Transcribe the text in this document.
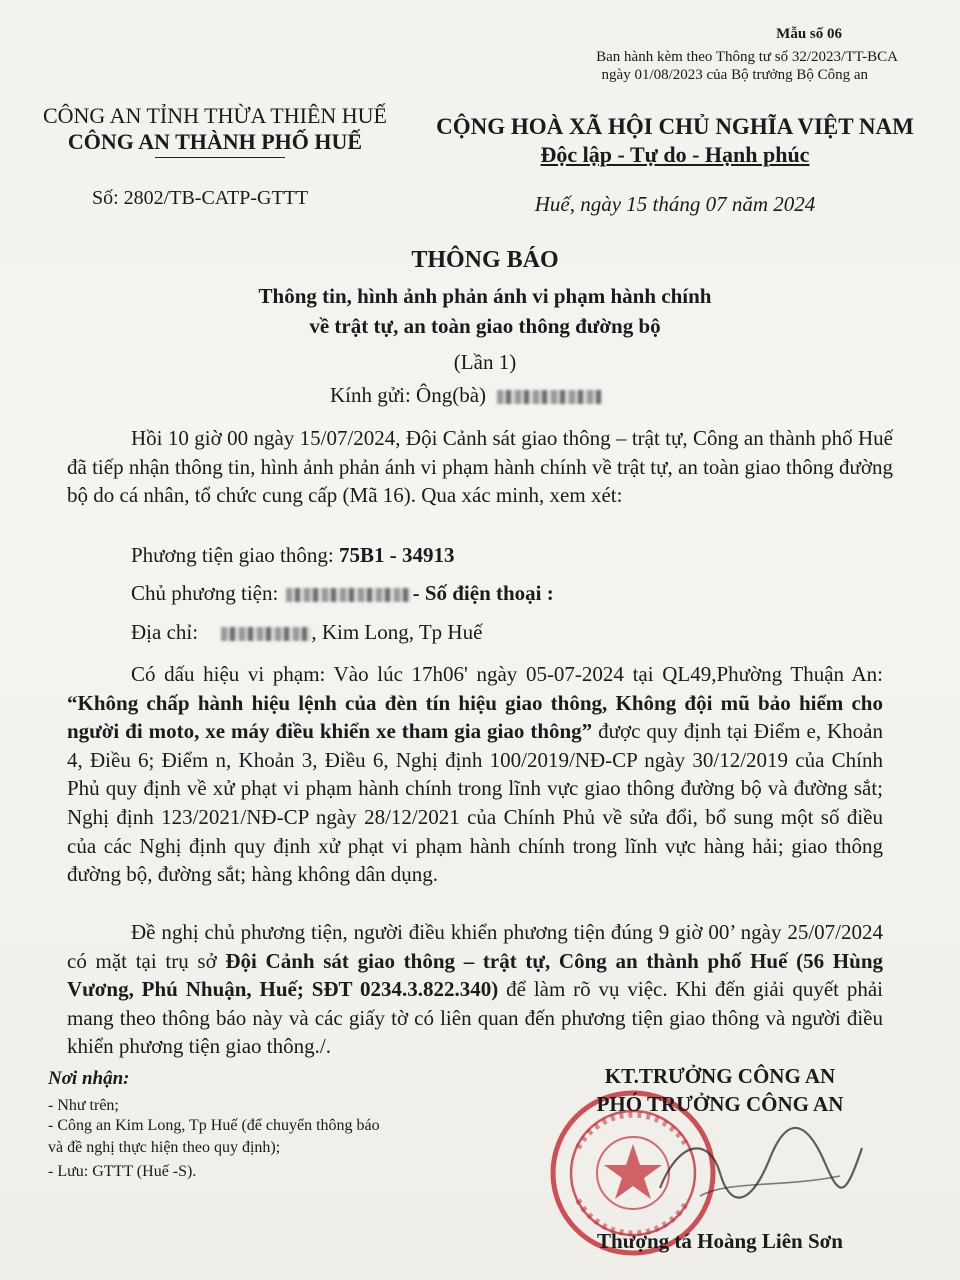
Mẫu số 06
Ban hành kèm theo Thông tư số 32/2023/TT-BCA
ngày 01/08/2023 của Bộ trưởng Bộ Công an
CÔNG AN TỈNH THỪA THIÊN HUẾ
CÔNG AN THÀNH PHỐ HUẾ
Số: 2802/TB-CATP-GTTT
CỘNG HOÀ XÃ HỘI CHỦ NGHĨA VIỆT NAM
Độc lập - Tự do - Hạnh phúc
Huế, ngày 15 tháng 07 năm 2024
THÔNG BÁO
Thông tin, hình ảnh phản ánh vi phạm hành chính
về trật tự, an toàn giao thông đường bộ
(Lần 1)
Kính gửi: Ông(bà)
Hồi 10 giờ 00 ngày 15/07/2024, Đội Cảnh sát giao thông – trật tự, Công an thành phố Huế đã tiếp nhận thông tin, hình ảnh phản ánh vi phạm hành chính về trật tự, an toàn giao thông đường bộ do cá nhân, tổ chức cung cấp (Mã 16). Qua xác minh, xem xét:
Phương tiện giao thông: 75B1 - 34913
Chủ phương tiện:	- Số điện thoại :
Địa chỉ:	, Kim Long, Tp Huế
Có dấu hiệu vi phạm: Vào lúc 17h06' ngày 05-07-2024 tại QL49,Phường Thuận An: “Không chấp hành hiệu lệnh của đèn tín hiệu giao thông, Không đội mũ bảo hiểm cho người đi moto, xe máy điều khiển xe tham gia giao thông” được quy định tại Điểm e, Khoản 4, Điều 6; Điểm n, Khoản 3, Điều 6, Nghị định 100/2019/NĐ-CP ngày 30/12/2019 của Chính Phủ quy định về xử phạt vi phạm hành chính trong lĩnh vực giao thông đường bộ và đường sắt; Nghị định 123/2021/NĐ-CP ngày 28/12/2021 của Chính Phủ về sửa đổi, bổ sung một số điều của các Nghị định quy định xử phạt vi phạm hành chính trong lĩnh vực hàng hải; giao thông đường bộ, đường sắt; hàng không dân dụng.
Đề nghị chủ phương tiện, người điều khiển phương tiện đúng 9 giờ 00’ ngày 25/07/2024 có mặt tại trụ sở Đội Cảnh sát giao thông – trật tự, Công an thành phố Huế (56 Hùng Vương, Phú Nhuận, Huế; SĐT 0234.3.822.340) để làm rõ vụ việc. Khi đến giải quyết phải mang theo thông báo này và các giấy tờ có liên quan đến phương tiện giao thông và người điều khiển phương tiện giao thông./.
Nơi nhận:
- Như trên;
- Công an Kim Long, Tp Huế (để chuyển thông báo
và đề nghị thực hiện theo quy định);
- Lưu: GTTT (Huế -S).
KT.TRƯỞNG CÔNG AN
PHÓ TRƯỞNG CÔNG AN
Thượng tá Hoàng Liên Sơn
